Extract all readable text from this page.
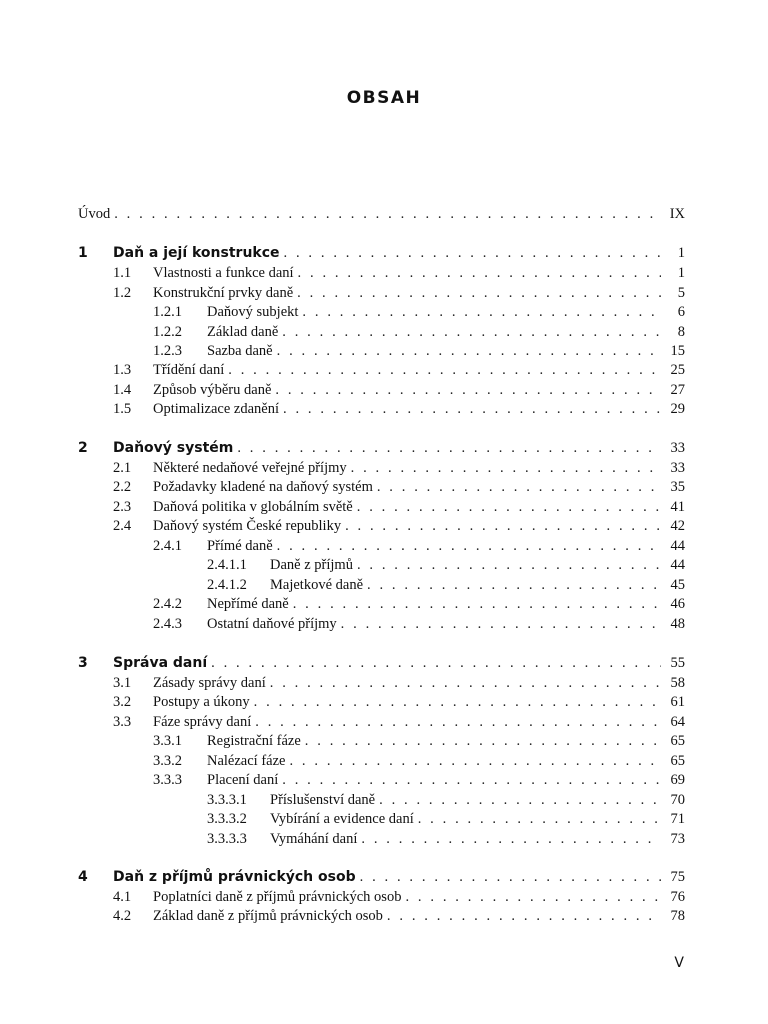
OBSAH
Úvod . . .	IX
1	Daň a její konstrukce . . .	1
1.1	Vlastnosti a funkce daní . . .	1
1.2	Konstrukční prvky daně . . .	5
1.2.1	Daňový subjekt . . .	6
1.2.2	Základ daně . . .	8
1.2.3	Sazba daně . . .	15
1.3	Třídění daní . . .	25
1.4	Způsob výběru daně . . .	27
1.5	Optimalizace zdanění . . .	29
2	Daňový systém . . .	33
2.1	Některé nedaňové veřejné příjmy . . .	33
2.2	Požadavky kladené na daňový systém . . .	35
2.3	Daňová politika v globálním světě . . .	41
2.4	Daňový systém České republiky . . .	42
2.4.1	Přímé daně . . .	44
2.4.1.1	Daně z příjmů . . .	44
2.4.1.2	Majetkové daně . . .	45
2.4.2	Nepřímé daně . . .	46
2.4.3	Ostatní daňové příjmy . . .	48
3	Správa daní . . .	55
3.1	Zásady správy daní . . .	58
3.2	Postupy a úkony . . .	61
3.3	Fáze správy daní . . .	64
3.3.1	Registrační fáze . . .	65
3.3.2	Nalézací fáze . . .	65
3.3.3	Placení daní . . .	69
3.3.3.1	Příslušenství daně . . .	70
3.3.3.2	Vybírání a evidence daní . . .	71
3.3.3.3	Vymáhání daní . . .	73
4	Daň z příjmů právnických osob . . .	75
4.1	Poplatníci daně z příjmů právnických osob . . .	76
4.2	Základ daně z příjmů právnických osob . . .	78
V
